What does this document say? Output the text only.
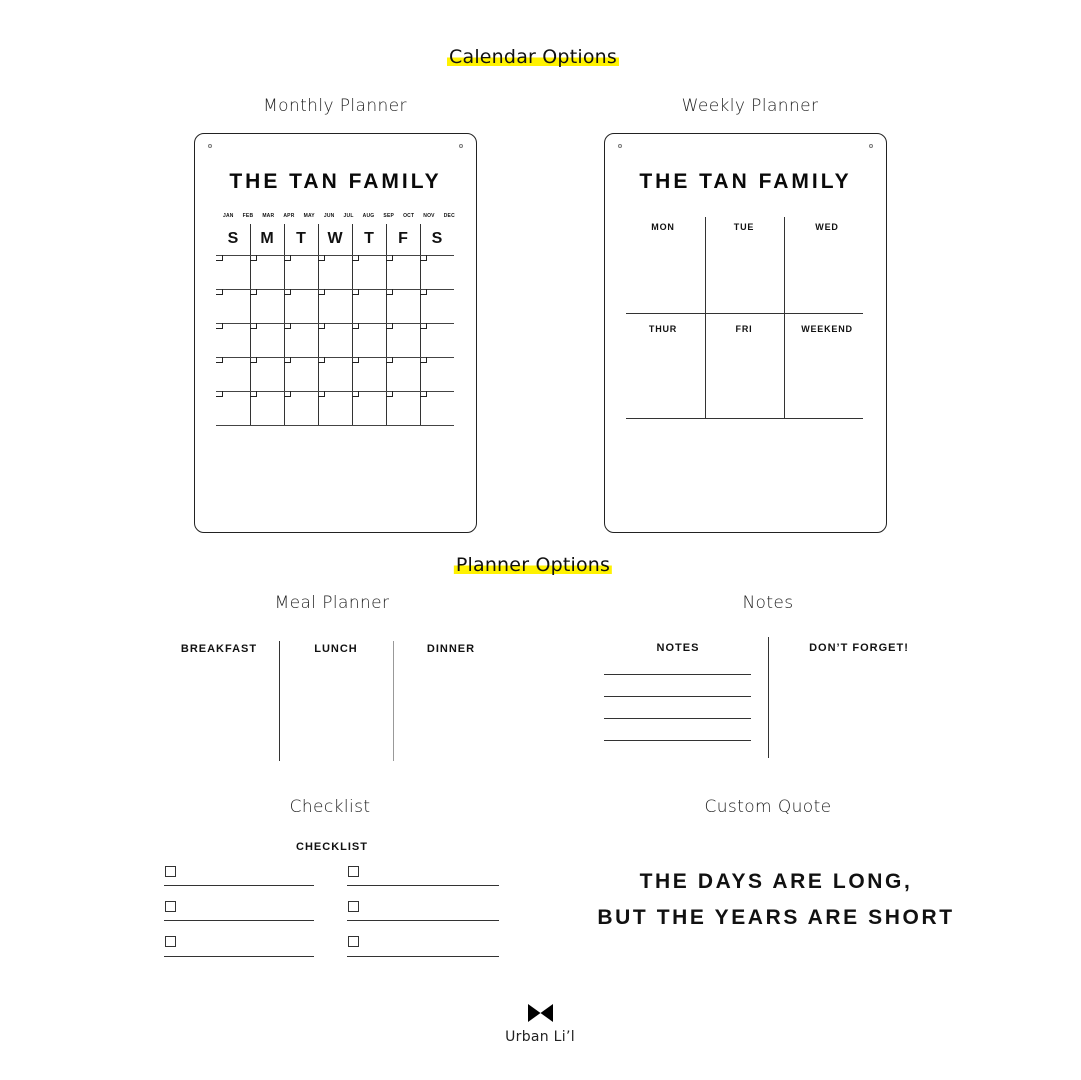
Calendar Options
Monthly Planner	Weekly Planner
THE TAN FAMILY
JAN FEB MAR APR MAY JUN JUL AUG SEP OCT NOV DEC
S	M	T	W	T	F	S
THE TAN FAMILY
MON	TUE	WED
THUR	FRI	WEEKEND
Planner Options
Meal Planner
BREAKFAST	LUNCH	DINNER
Notes
NOTES	DON’T FORGET!
Checklist
CHECKLIST
Custom Quote
THE DAYS ARE LONG,
BUT THE YEARS ARE SHORT
Urban Li’l
